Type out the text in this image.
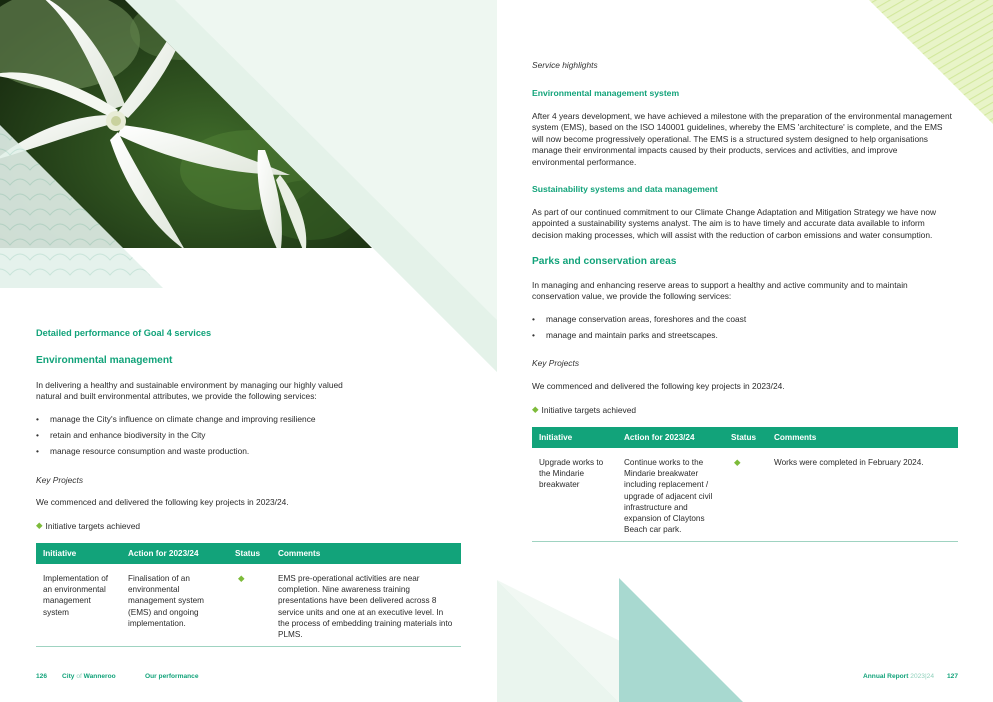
Detailed performance of Goal 4 services
Environmental management
In delivering a healthy and sustainable environment by managing our highly valued natural and built environmental attributes, we provide the following services:
• manage the City's influence on climate change and improving resilience
• retain and enhance biodiversity in the City
• manage resource consumption and waste production.
Key Projects
We commenced and delivered the following key projects in 2023/24.
◆ Initiative targets achieved
Initiative	Action for 2023/24	Status	Comments
Implementation of an environmental management system	Finalisation of an environmental management system (EMS) and ongoing implementation.	◆	EMS pre-operational activities are near completion. Nine awareness training presentations have been delivered across 8 service units and one at an executive level. In the process of embedding training materials into PLMS.
126 City of Wanneroo	Our performance
Service highlights
Environmental management system
After 4 years development, we have achieved a milestone with the preparation of the environmental management system (EMS), based on the ISO 140001 guidelines, whereby the EMS 'architecture' is complete, and the EMS will now become progressively operational. The EMS is a structured system designed to help organisations manage their environmental impacts caused by their products, services and activities, and improve environmental performance.
Sustainability systems and data management
As part of our continued commitment to our Climate Change Adaptation and Mitigation Strategy we have now appointed a sustainability systems analyst. The aim is to have timely and accurate data available to inform decision making processes, which will assist with the reduction of carbon emissions and water consumption.
Parks and conservation areas
In managing and enhancing reserve areas to support a healthy and active community and to maintain conservation value, we provide the following services:
• manage conservation areas, foreshores and the coast
• manage and maintain parks and streetscapes.
Key Projects
We commenced and delivered the following key projects in 2023/24.
◆ Initiative targets achieved
Initiative	Action for 2023/24	Status	Comments
Upgrade works to the Mindarie breakwater	Continue works to the Mindarie breakwater including replacement / upgrade of adjacent civil infrastructure and expansion of Claytons Beach car park.	◆	Works were completed in February 2024.
Annual Report 2023|24 127
